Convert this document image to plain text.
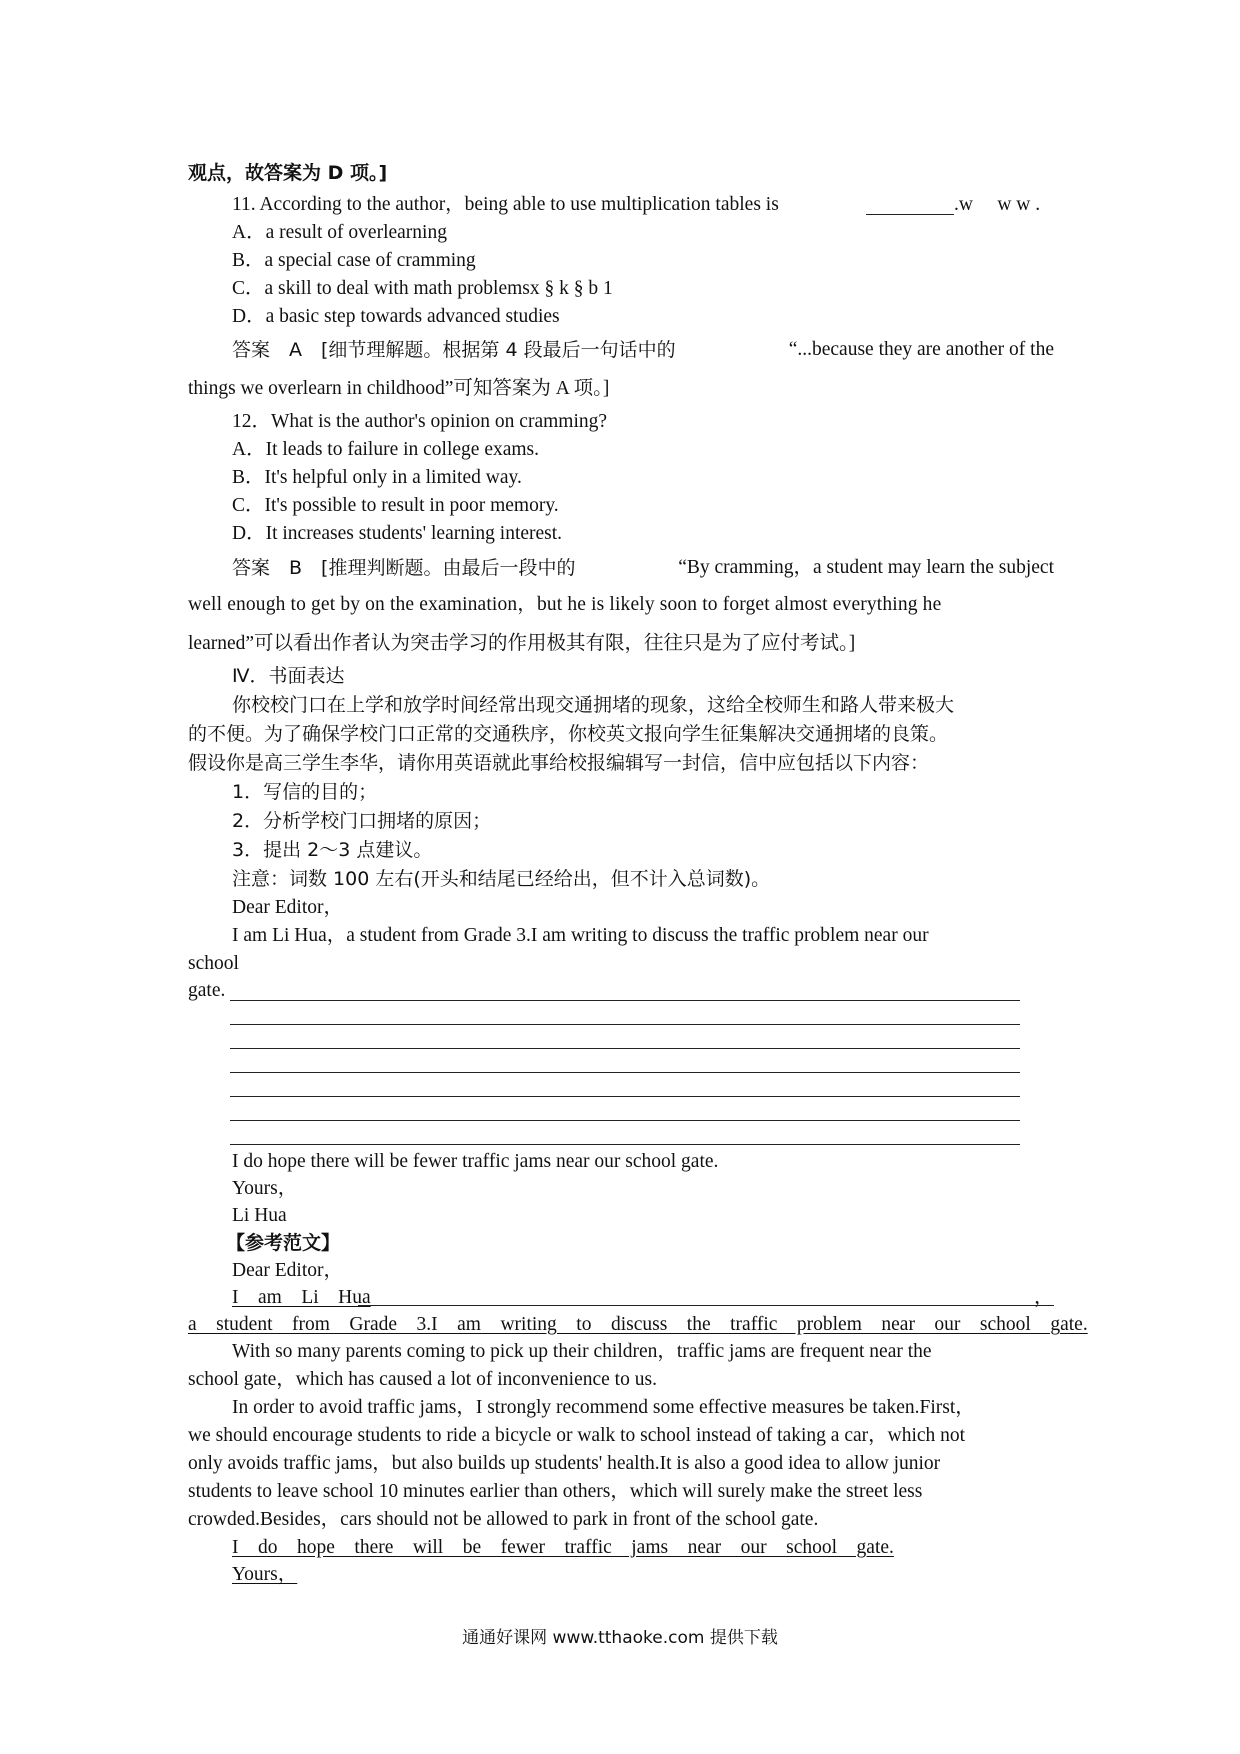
观点，故答案为 D 项。]
11. According to the author，being able to use multiplication tables is	.w　 w w .
A．a result of overlearning
B．a special case of cramming
C．a skill to deal with math problemsx § k § b 1
D．a basic step towards advanced studies
答案　A　[细节理解题。根据第 4 段最后一句话中的	“...because they are another of the
things we overlearn in childhood”可知答案为 A 项。]
12．What is the author's opinion on cramming?
A．It leads to failure in college exams.
B．It's helpful only in a limited way.
C．It's possible to result in poor memory.
D．It increases students' learning interest.
答案　B　[推理判断题。由最后一段中的	“By cramming，a student may learn the subject
well enough to get by on the examination，but he is likely soon to forget almost everything he
learned”可以看出作者认为突击学习的作用极其有限，往往只是为了应付考试。]
Ⅳ．书面表达
你校校门口在上学和放学时间经常出现交通拥堵的现象，这给全校师生和路人带来极大
的不便。为了确保学校门口正常的交通秩序，你校英文报向学生征集解决交通拥堵的良策。
假设你是高三学生李华，请你用英语就此事给校报编辑写一封信，信中应包括以下内容：
1．写信的目的；
2．分析学校门口拥堵的原因；
3．提出 2～3 点建议。
注意：词数 100 左右(开头和结尾已经给出，但不计入总词数)。
Dear Editor，
I am Li Hua，a student from Grade 3.I am writing to discuss the traffic problem near our
school
gate.
I do hope there will be fewer traffic jams near our school gate.
Yours，
Li Hua
【参考范文】
Dear Editor，
I　am　Li　Hua	，
a　student　from　Grade　3.I　am　writing　to　discuss　the　traffic　problem　near　our　school　gate.
With so many parents coming to pick up their children，traffic jams are frequent near the
school gate，which has caused a lot of inconvenience to us.
In order to avoid traffic jams，I strongly recommend some effective measures be taken.First，
we should encourage students to ride a bicycle or walk to school instead of taking a car，which not
only avoids traffic jams，but also builds up students' health.It is also a good idea to allow junior
students to leave school 10 minutes earlier than others，which will surely make the street less
crowded.Besides，cars should not be allowed to park in front of the school gate.
I　do　hope　there　will　be　fewer　traffic　jams　near　our　school　gate.
Yours，
通通好课网 www.tthaoke.com 提供下载
